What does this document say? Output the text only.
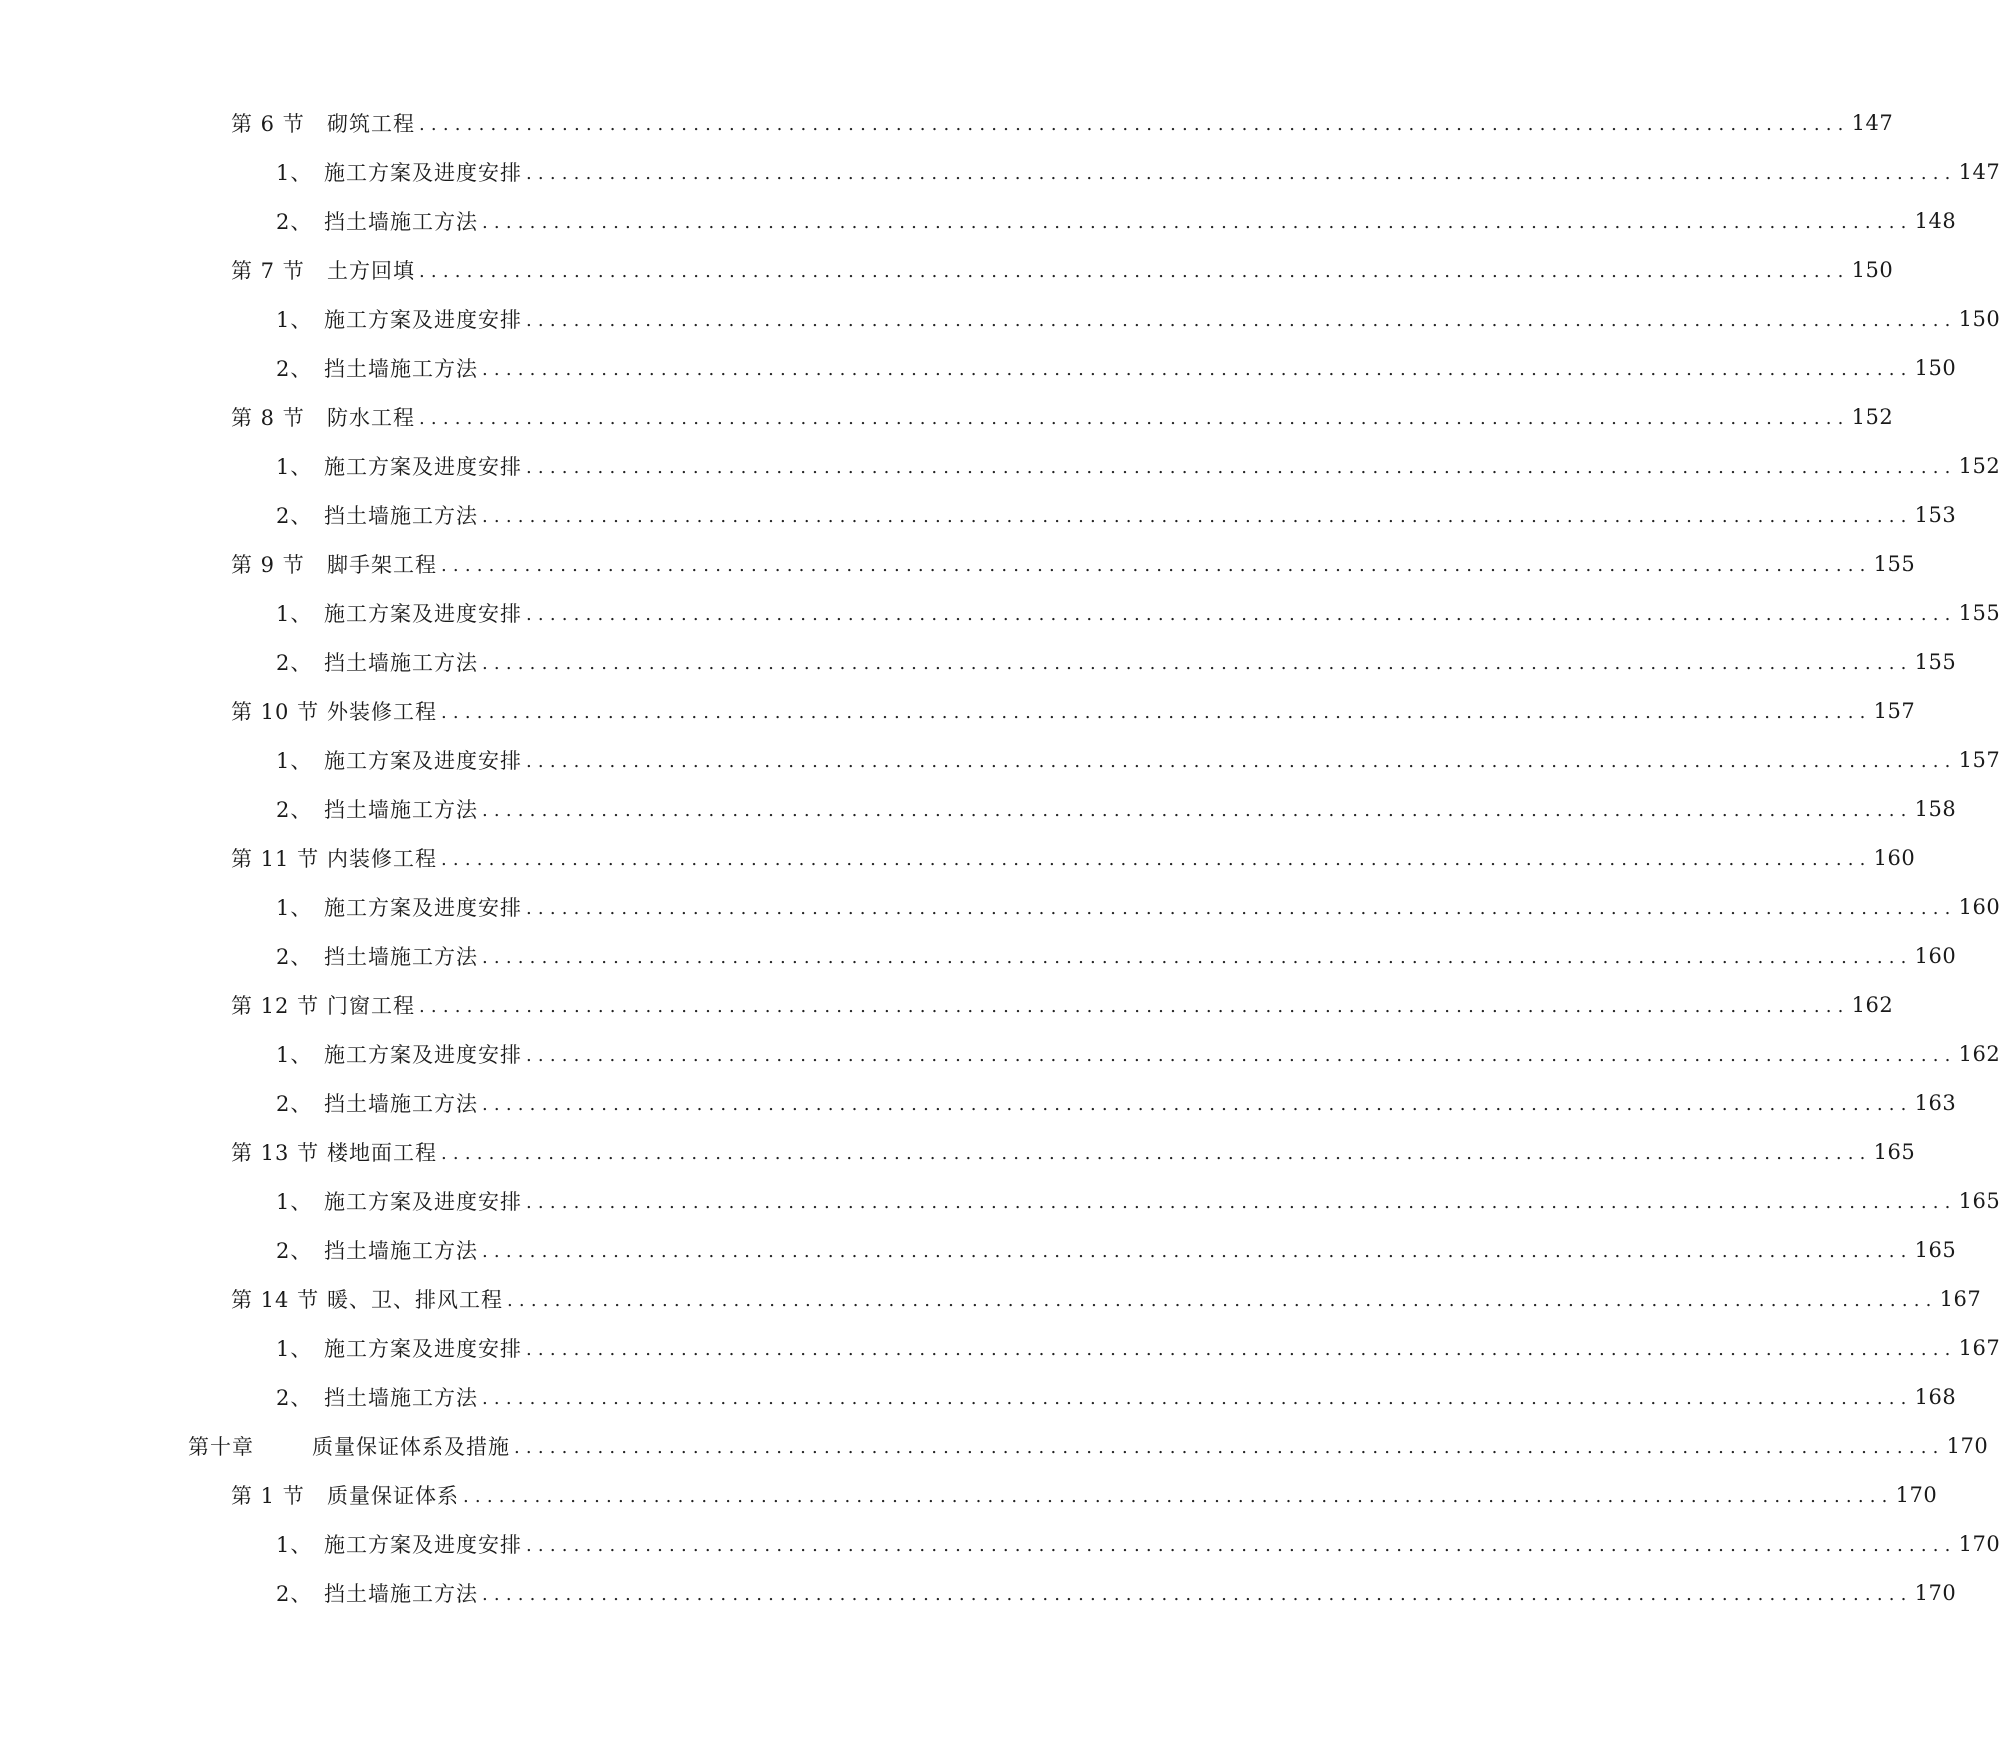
第 6 节	砌筑工程 ........................................................................................................................ 147
1、 施工方案及进度安排 ........................................................................................................................ 147
2、 挡土墙施工方法 ........................................................................................................................ 148
第 7 节	土方回填 ........................................................................................................................ 150
1、 施工方案及进度安排 ........................................................................................................................ 150
2、 挡土墙施工方法 ........................................................................................................................ 150
第 8 节	防水工程 ........................................................................................................................ 152
1、 施工方案及进度安排 ........................................................................................................................ 152
2、 挡土墙施工方法 ........................................................................................................................ 153
第 9 节	脚手架工程 ........................................................................................................................ 155
1、 施工方案及进度安排 ........................................................................................................................ 155
2、 挡土墙施工方法 ........................................................................................................................ 155
第 10 节 外装修工程 ........................................................................................................................ 157
1、 施工方案及进度安排 ........................................................................................................................ 157
2、 挡土墙施工方法 ........................................................................................................................ 158
第 11 节 内装修工程 ........................................................................................................................ 160
1、 施工方案及进度安排 ........................................................................................................................ 160
2、 挡土墙施工方法 ........................................................................................................................ 160
第 12 节 门窗工程 ........................................................................................................................ 162
1、 施工方案及进度安排 ........................................................................................................................ 162
2、 挡土墙施工方法 ........................................................................................................................ 163
第 13 节 楼地面工程 ........................................................................................................................ 165
1、 施工方案及进度安排 ........................................................................................................................ 165
2、 挡土墙施工方法 ........................................................................................................................ 165
第 14 节 暖、卫、排风工程 ........................................................................................................................ 167
1、 施工方案及进度安排 ........................................................................................................................ 167
2、 挡土墙施工方法 ........................................................................................................................ 168
第十章	质量保证体系及措施 ........................................................................................................................ 170
第 1 节	质量保证体系 ........................................................................................................................ 170
1、 施工方案及进度安排 ........................................................................................................................ 170
2、 挡土墙施工方法 ........................................................................................................................ 170
